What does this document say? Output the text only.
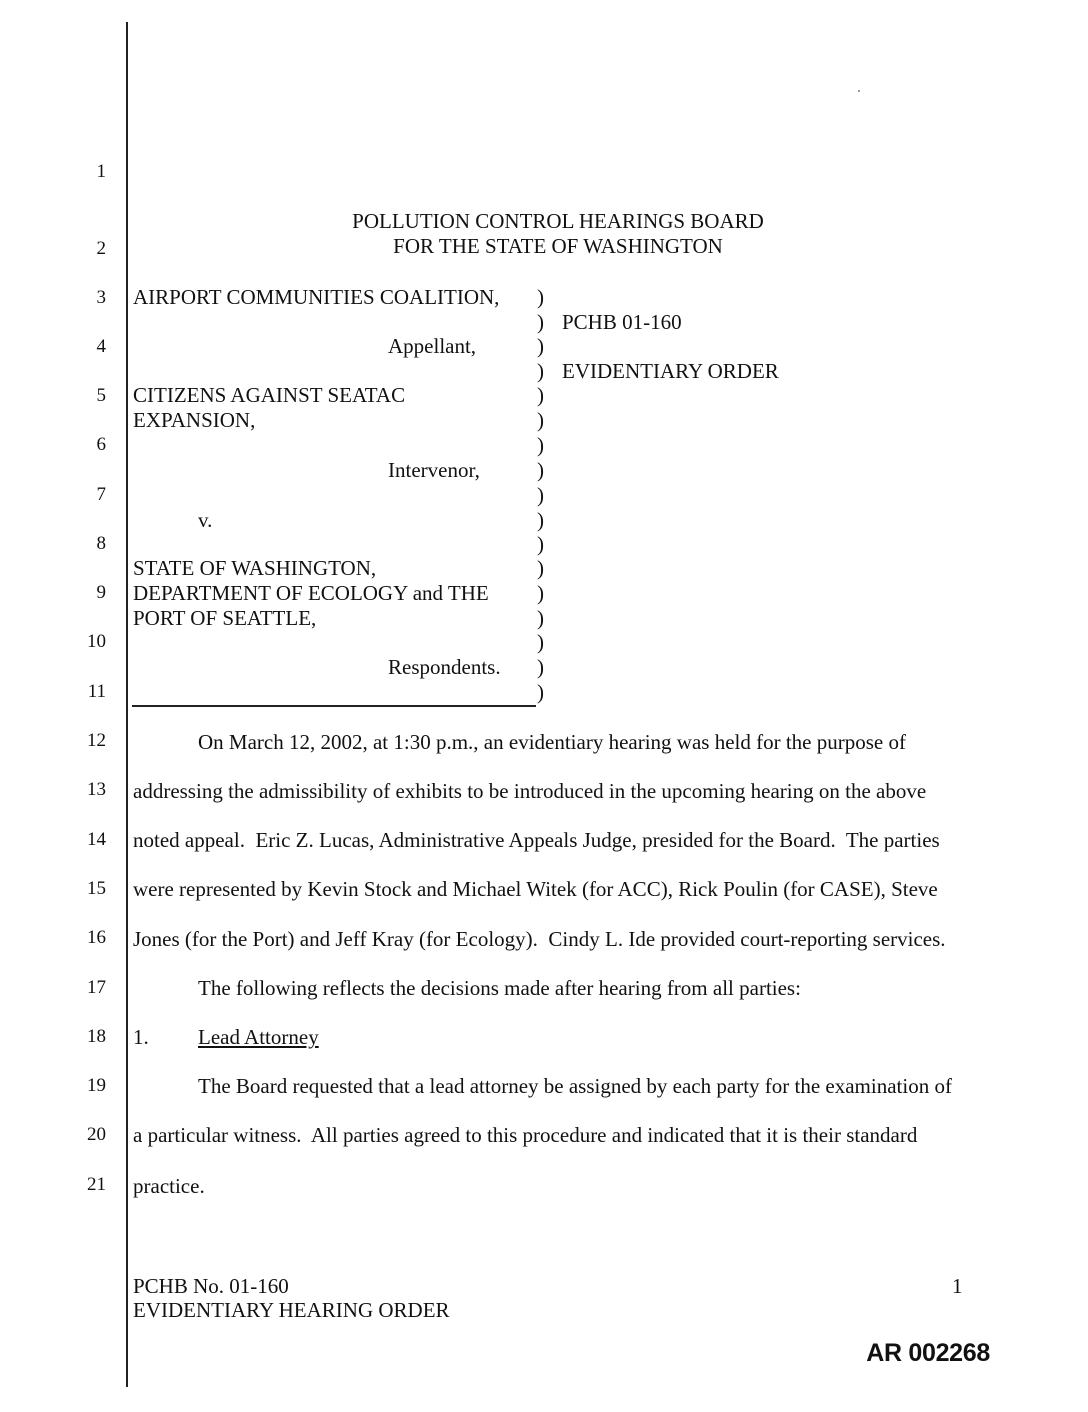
1
2
3
4
5
6
7
8
9
10
11
12
13
14
15
16
17
18
19
20
21
POLLUTION CONTROL HEARINGS BOARD
FOR THE STATE OF WASHINGTON
AIRPORT COMMUNITIES COALITION,
Appellant,
CITIZENS AGAINST SEATAC
EXPANSION,
Intervenor,
v.
STATE OF WASHINGTON,
DEPARTMENT OF ECOLOGY and THE
PORT OF SEATTLE,
Respondents.
)
)
)
)
)
)
)
)
)
)
)
)
)
)
)
)
)
PCHB 01-160
EVIDENTIARY ORDER
On March 12, 2002, at 1:30 p.m., an evidentiary hearing was held for the purpose of
addressing the admissibility of exhibits to be introduced in the upcoming hearing on the above
noted appeal.  Eric Z. Lucas, Administrative Appeals Judge, presided for the Board.  The parties
were represented by Kevin Stock and Michael Witek (for ACC), Rick Poulin (for CASE), Steve
Jones (for the Port) and Jeff Kray (for Ecology).  Cindy L. Ide provided court-reporting services.
The following reflects the decisions made after hearing from all parties:
1. Lead Attorney
The Board requested that a lead attorney be assigned by each party for the examination of
a particular witness.  All parties agreed to this procedure and indicated that it is their standard
practice.
PCHB No. 01-160
EVIDENTIARY HEARING ORDER
1
AR 002268
